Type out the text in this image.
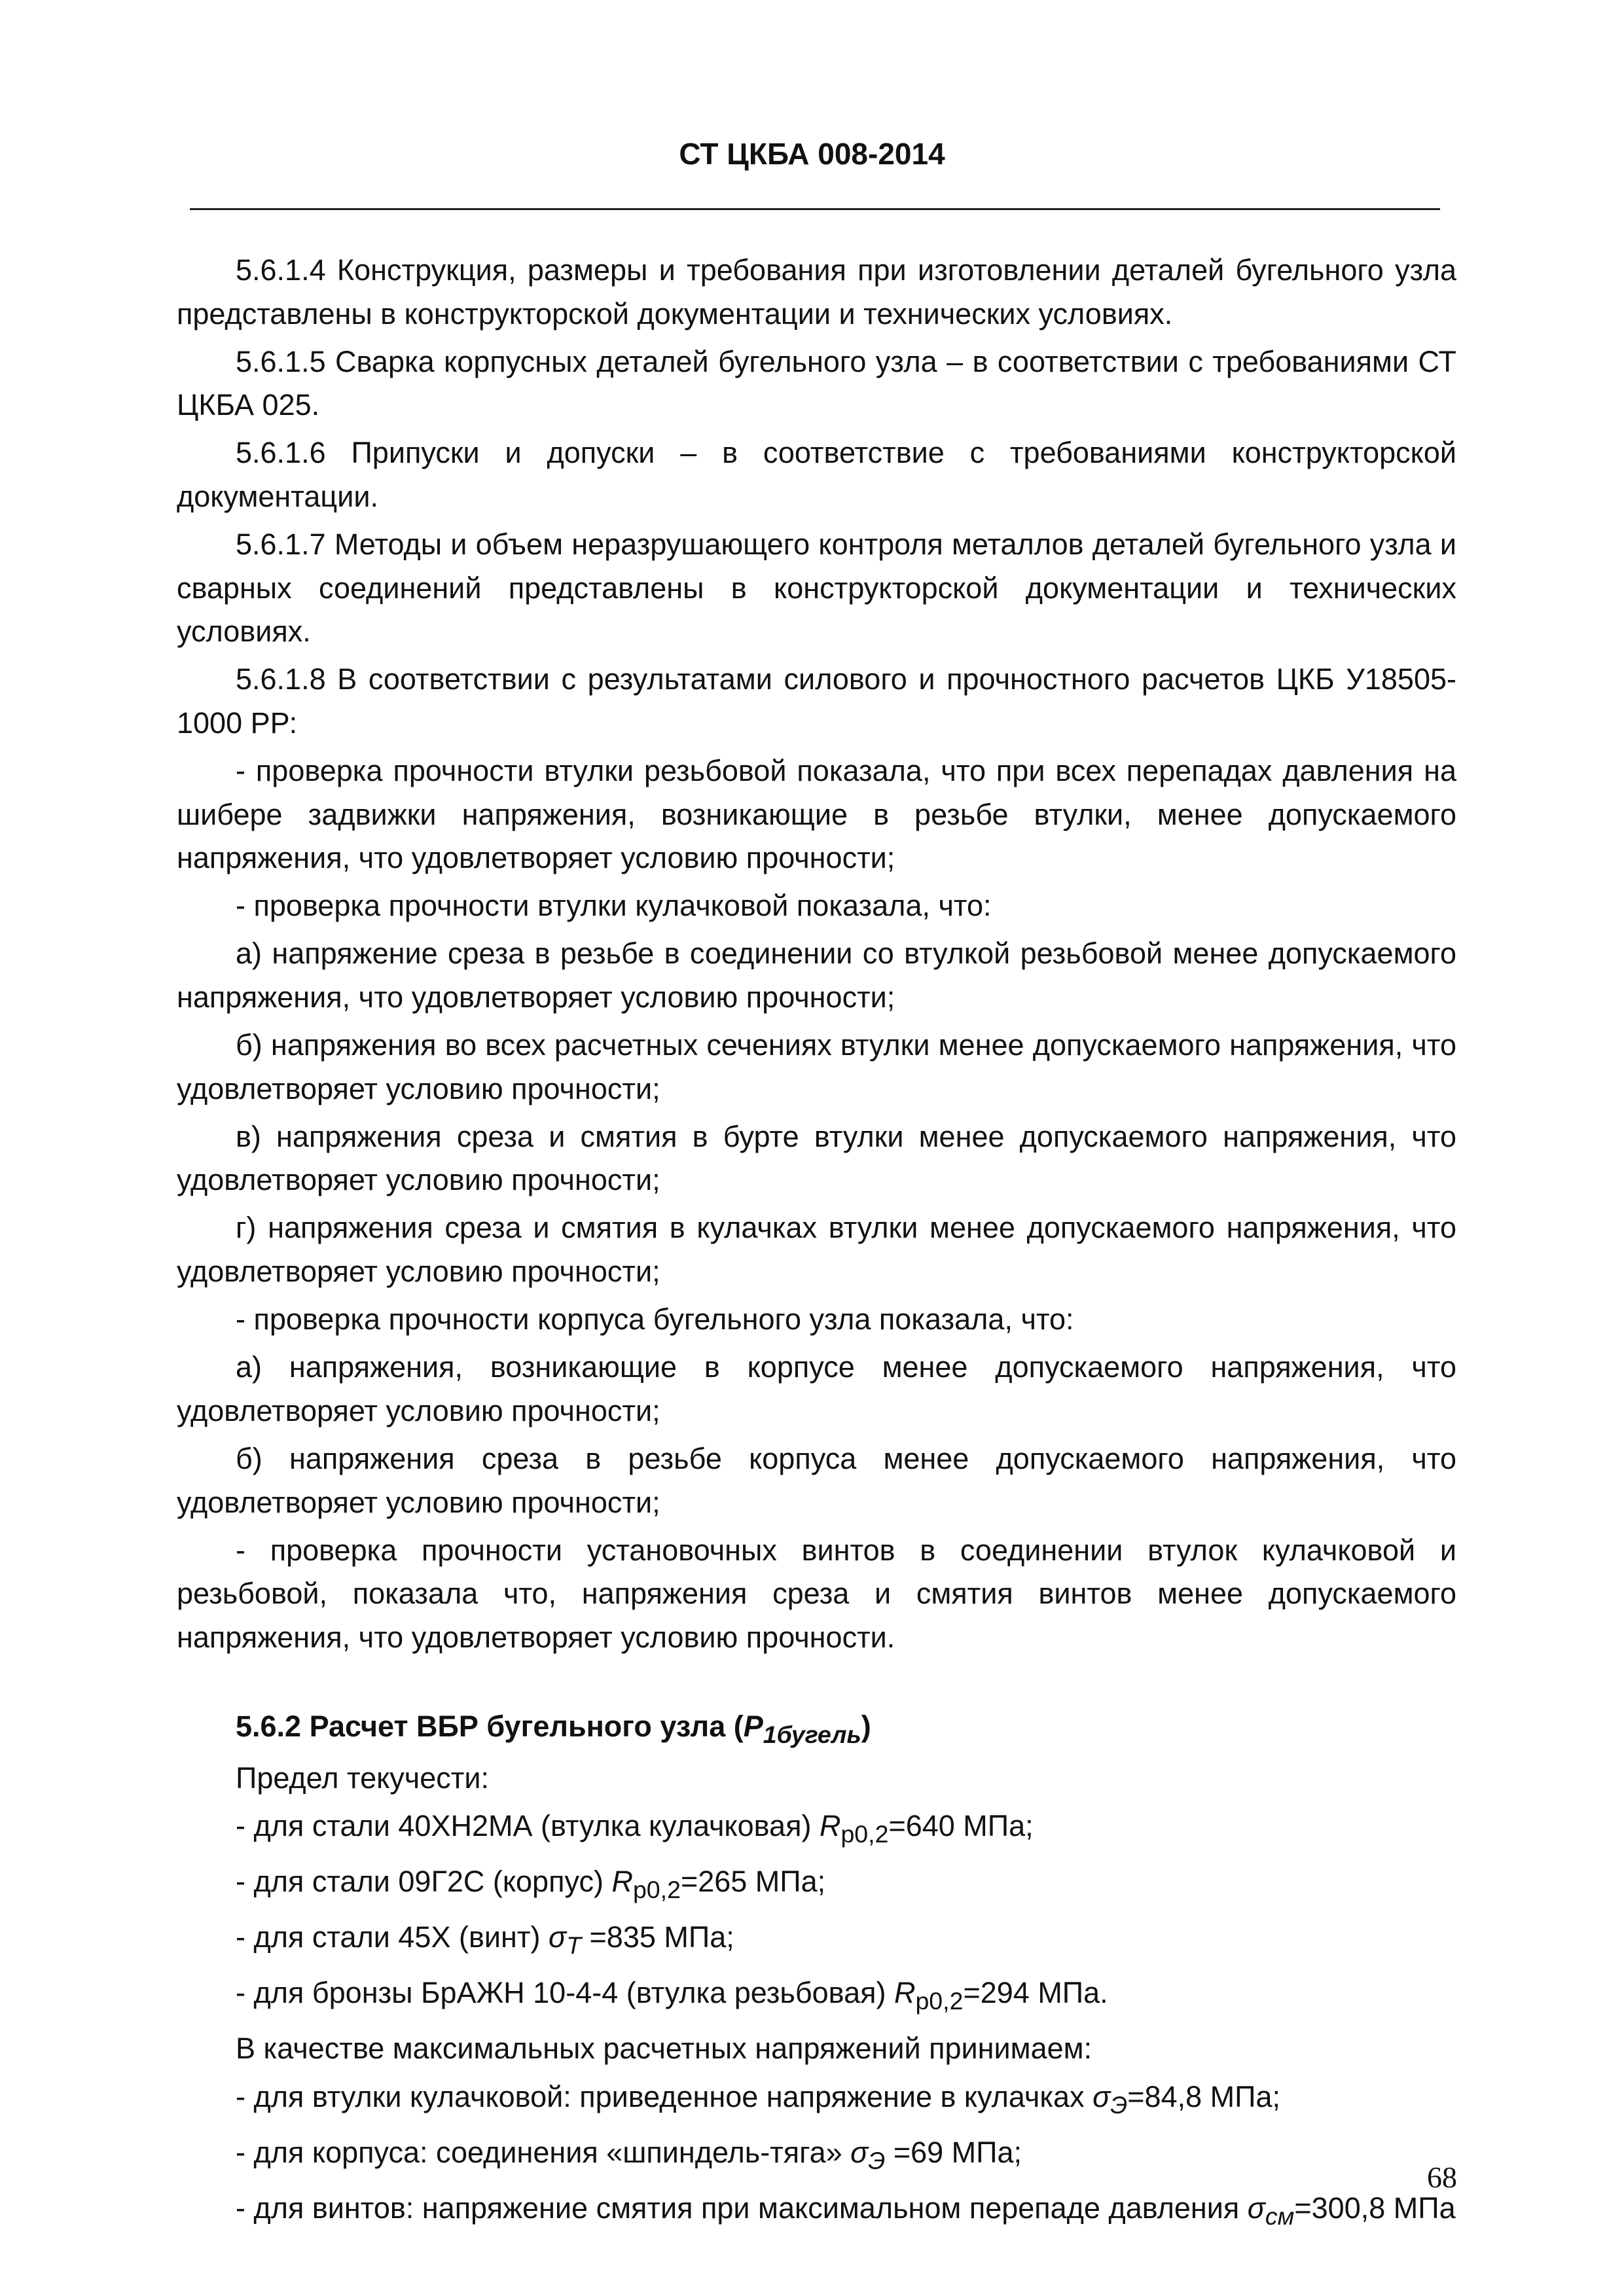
СТ ЦКБА 008-2014

5.6.1.4 Конструкция, размеры и требования при изготовлении деталей бугельного узла представлены в конструкторской документации и технических условиях.

5.6.1.5 Сварка корпусных деталей бугельного узла – в соответствии с требованиями СТ ЦКБА 025.

5.6.1.6 Припуски и допуски – в соответствие с требованиями конструкторской документации.

5.6.1.7 Методы и объем неразрушающего контроля металлов деталей бугельного узла и сварных соединений представлены в конструкторской документации и технических условиях.

5.6.1.8 В соответствии с результатами силового и прочностного расчетов ЦКБ У18505-1000 РР:

- проверка прочности втулки резьбовой показала, что при всех перепадах давления на шибере задвижки напряжения, возникающие в резьбе втулки, менее допускаемого напряжения, что удовлетворяет условию прочности;

- проверка прочности втулки кулачковой показала, что:

а) напряжение среза в резьбе в соединении со втулкой резьбовой менее допускаемого напряжения, что удовлетворяет условию прочности;

б) напряжения во всех расчетных сечениях втулки менее допускаемого напряжения, что удовлетворяет условию прочности;

в) напряжения среза и смятия в бурте втулки менее допускаемого напряжения, что удовлетворяет условию прочности;

г) напряжения среза и смятия в кулачках втулки менее допускаемого напряжения, что удовлетворяет условию прочности;

- проверка прочности корпуса бугельного узла показала, что:

а) напряжения, возникающие в корпусе менее допускаемого напряжения, что удовлетворяет условию прочности;

б) напряжения среза в резьбе корпуса менее допускаемого напряжения, что удовлетворяет условию прочности;

- проверка прочности установочных винтов в соединении втулок кулачковой и резьбовой, показала что, напряжения среза и смятия винтов менее допускаемого напряжения, что удовлетворяет условию прочности.

5.6.2 Расчет ВБР бугельного узла $(P_{1бугель})$

Предел текучести:

- для стали 40ХН2МА (втулка кулачковая) $R_{p0,2}=640$ МПа;

- для стали 09Г2С (корпус) $R_{p0,2}=265$ МПа;

- для стали 45Х (винт) $\sigma_T =835$ МПа;

- для бронзы БрАЖН 10-4-4 (втулка резьбовая) $R_{p0,2}=294$ МПа.

В качестве максимальных расчетных напряжений принимаем:

- для втулки кулачковой: приведенное напряжение в кулачках $\sigma_Э=84,8$ МПа;

- для корпуса: соединения «шпиндель-тяга» $\sigma_Э =69$ МПа;

- для винтов: напряжение смятия при максимальном перепаде давления $\sigma_{см}=300,8$ МПа

68
